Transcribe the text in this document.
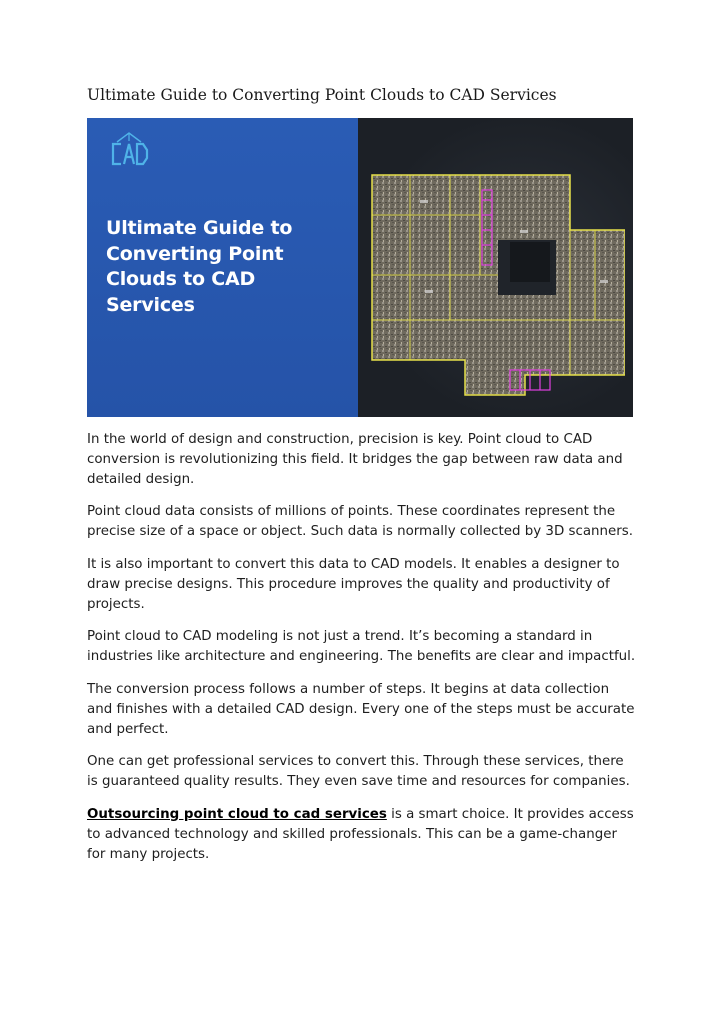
Ultimate Guide to Converting Point Clouds to CAD Services
Ultimate Guide to
Converting Point
Clouds to CAD
Services

In the world of design and construction, precision is key. Point cloud to CAD conversion is revolutionizing this field. It bridges the gap between raw data and detailed design.

Point cloud data consists of millions of points. These coordinates represent the precise size of a space or object. Such data is normally collected by 3D scanners.

It is also important to convert this data to CAD models. It enables a designer to draw precise designs. This procedure improves the quality and productivity of projects.

Point cloud to CAD modeling is not just a trend. It’s becoming a standard in industries like architecture and engineering. The benefits are clear and impactful.

The conversion process follows a number of steps. It begins at data collection and finishes with a detailed CAD design. Every one of the steps must be accurate and perfect.

One can get professional services to convert this. Through these services, there is guaranteed quality results. They even save time and resources for companies.

Outsourcing point cloud to cad services is a smart choice. It provides access to advanced technology and skilled professionals. This can be a game-changer for many projects.
